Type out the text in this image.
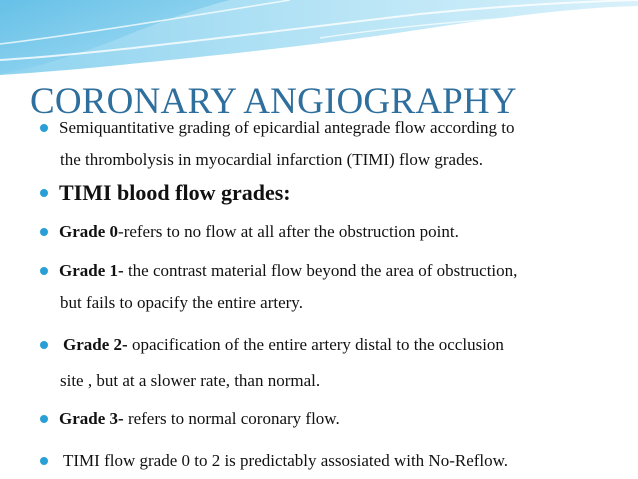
CORONARY ANGIOGRAPHY
Semiquantitative grading of epicardial antegrade flow according to
the thrombolysis in myocardial infarction (TIMI) flow grades.
TIMI blood flow grades:
Grade 0-refers to no flow at all after the obstruction point.
Grade 1- the contrast material flow beyond the area of obstruction,
but fails to opacify the entire artery.
Grade 2- opacification of the entire artery distal to the occlusion
site , but at a slower rate, than normal.
Grade 3- refers to normal coronary flow.
TIMI flow grade 0 to 2 is predictably assosiated with No-Reflow.
